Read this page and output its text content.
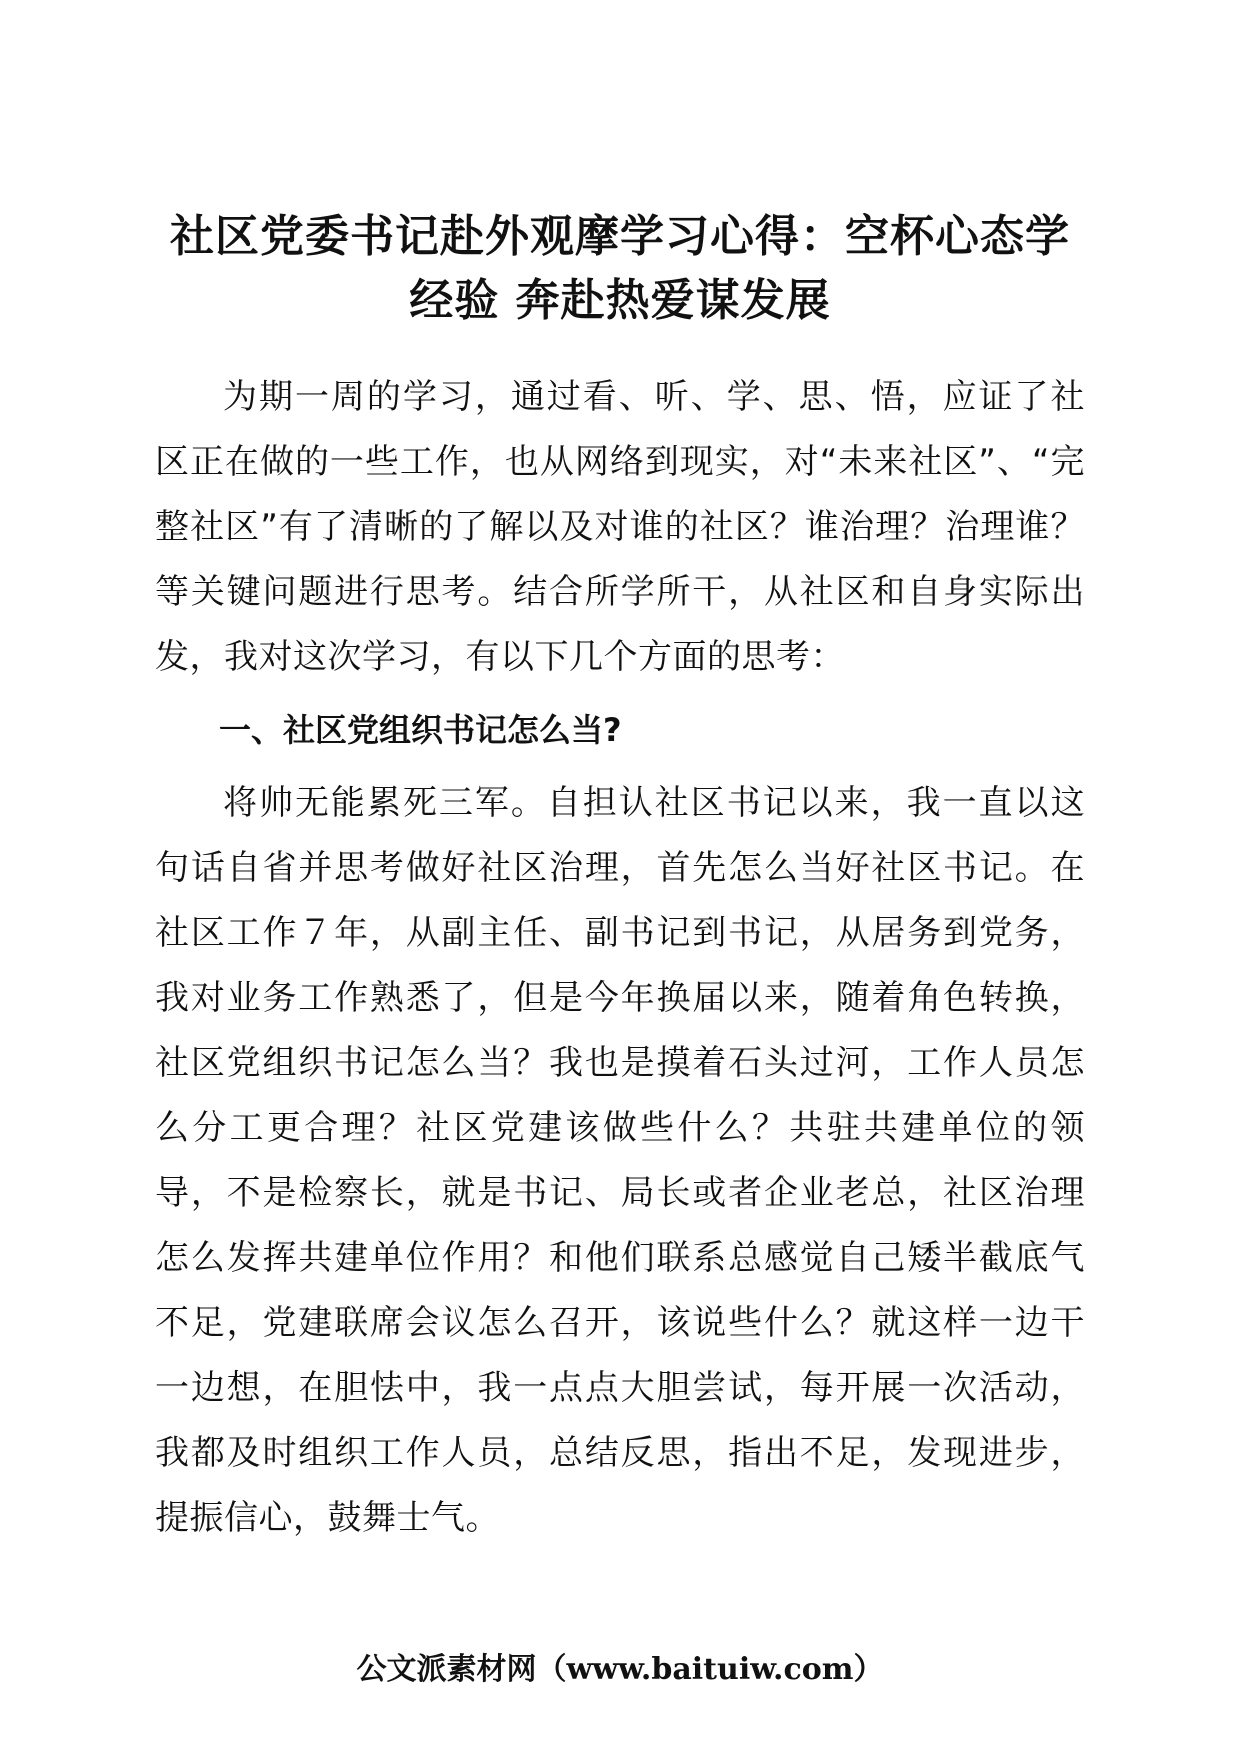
社区党委书记赴外观摩学习心得：空杯心态学经验 奔赴热爱谋发展

为期一周的学习，通过看、听、学、思、悟，应证了社区正在做的一些工作，也从网络到现实，对“未来社区”、“完整社区”有了清晰的了解以及对谁的社区？谁治理？治理谁？等关键问题进行思考。结合所学所干，从社区和自身实际出发，我对这次学习，有以下几个方面的思考：

一、社区党组织书记怎么当?

将帅无能累死三军。自担认社区书记以来，我一直以这句话自省并思考做好社区治理，首先怎么当好社区书记。在社区工作７年，从副主任、副书记到书记，从居务到党务，我对业务工作熟悉了，但是今年换届以来，随着角色转换，社区党组织书记怎么当？我也是摸着石头过河，工作人员怎么分工更合理？社区党建该做些什么？共驻共建单位的领导，不是检察长，就是书记、局长或者企业老总，社区治理怎么发挥共建单位作用？和他们联系总感觉自己矮半截底气不足，党建联席会议怎么召开，该说些什么？就这样一边干一边想，在胆怯中，我一点点大胆尝试，每开展一次活动，我都及时组织工作人员，总结反思，指出不足，发现进步，提振信心，鼓舞士气。

公文派素材网（www.baituiw.com）
